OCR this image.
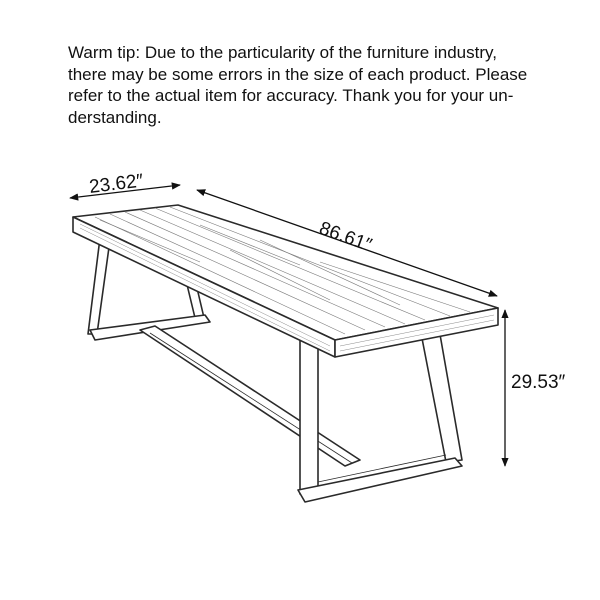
Warm tip: Due to the particularity of the furniture industry,
there may be some errors in the size of each product. Please
refer to the actual item for accuracy. Thank you for your un-
derstanding.
23.62″
86.61″
29.53″
